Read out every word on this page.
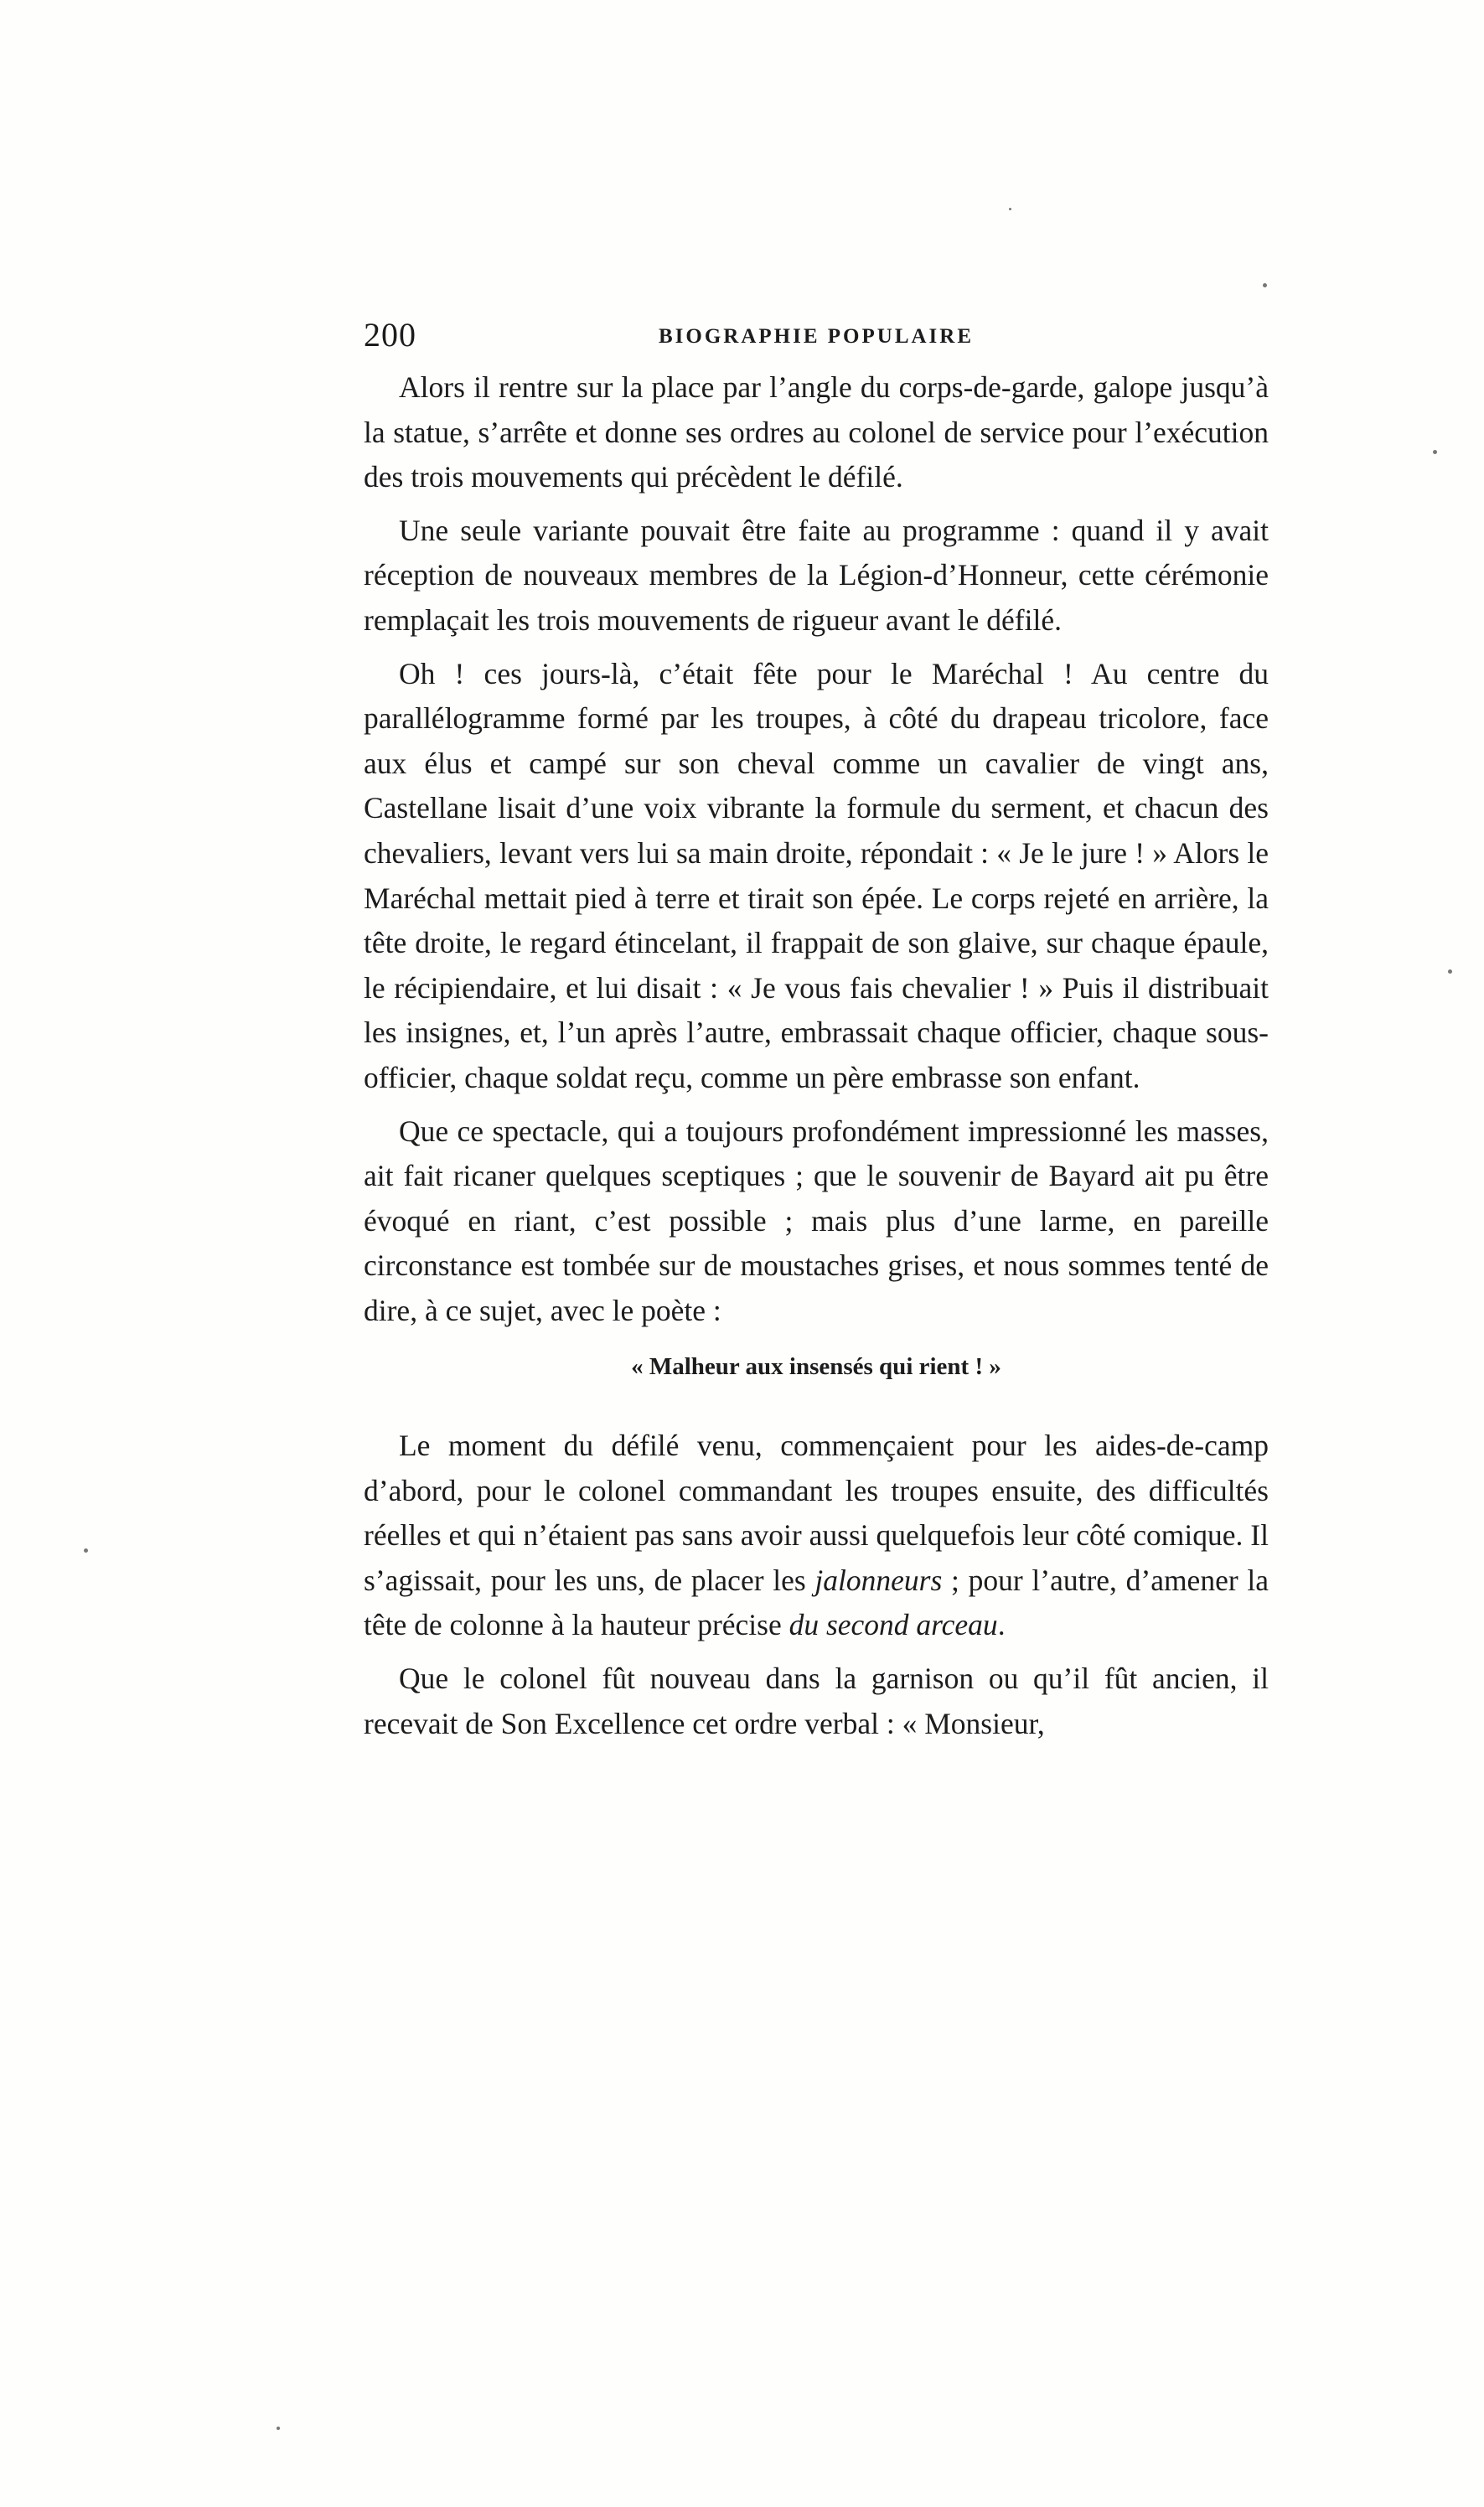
200	BIOGRAPHIE POPULAIRE

Alors il rentre sur la place par l’angle du corps-de-garde, galope jusqu’à la statue, s’arrête et donne ses ordres au colonel de service pour l’exécution des trois mouvements qui précèdent le défilé.

Une seule variante pouvait être faite au programme : quand il y avait réception de nouveaux membres de la Légion-d’Honneur, cette cérémonie remplaçait les trois mouvements de rigueur avant le défilé.

Oh ! ces jours-là, c’était fête pour le Maréchal ! Au centre du parallélogramme formé par les troupes, à côté du drapeau tricolore, face aux élus et campé sur son cheval comme un cavalier de vingt ans, Castellane lisait d’une voix vibrante la formule du serment, et chacun des chevaliers, levant vers lui sa main droite, répondait : « Je le jure ! » Alors le Maréchal mettait pied à terre et tirait son épée. Le corps rejeté en arrière, la tête droite, le regard étincelant, il frappait de son glaive, sur chaque épaule, le récipiendaire, et lui disait : « Je vous fais chevalier ! » Puis il distribuait les insignes, et, l’un après l’autre, embrassait chaque officier, chaque sous-officier, chaque soldat reçu, comme un père embrasse son enfant.

Que ce spectacle, qui a toujours profondément impressionné les masses, ait fait ricaner quelques sceptiques ; que le souvenir de Bayard ait pu être évoqué en riant, c’est possible ; mais plus d’une larme, en pareille circonstance est tombée sur de moustaches grises, et nous sommes tenté de dire, à ce sujet, avec le poète :

« Malheur aux insensés qui rient ! »

Le moment du défilé venu, commençaient pour les aides-de-camp d’abord, pour le colonel commandant les troupes ensuite, des difficultés réelles et qui n’étaient pas sans avoir aussi quelquefois leur côté comique. Il s’agissait, pour les uns, de placer les jalonneurs ; pour l’autre, d’amener la tête de colonne à la hauteur précise du second arceau.

Que le colonel fût nouveau dans la garnison ou qu’il fût ancien, il recevait de Son Excellence cet ordre verbal : « Monsieur,
